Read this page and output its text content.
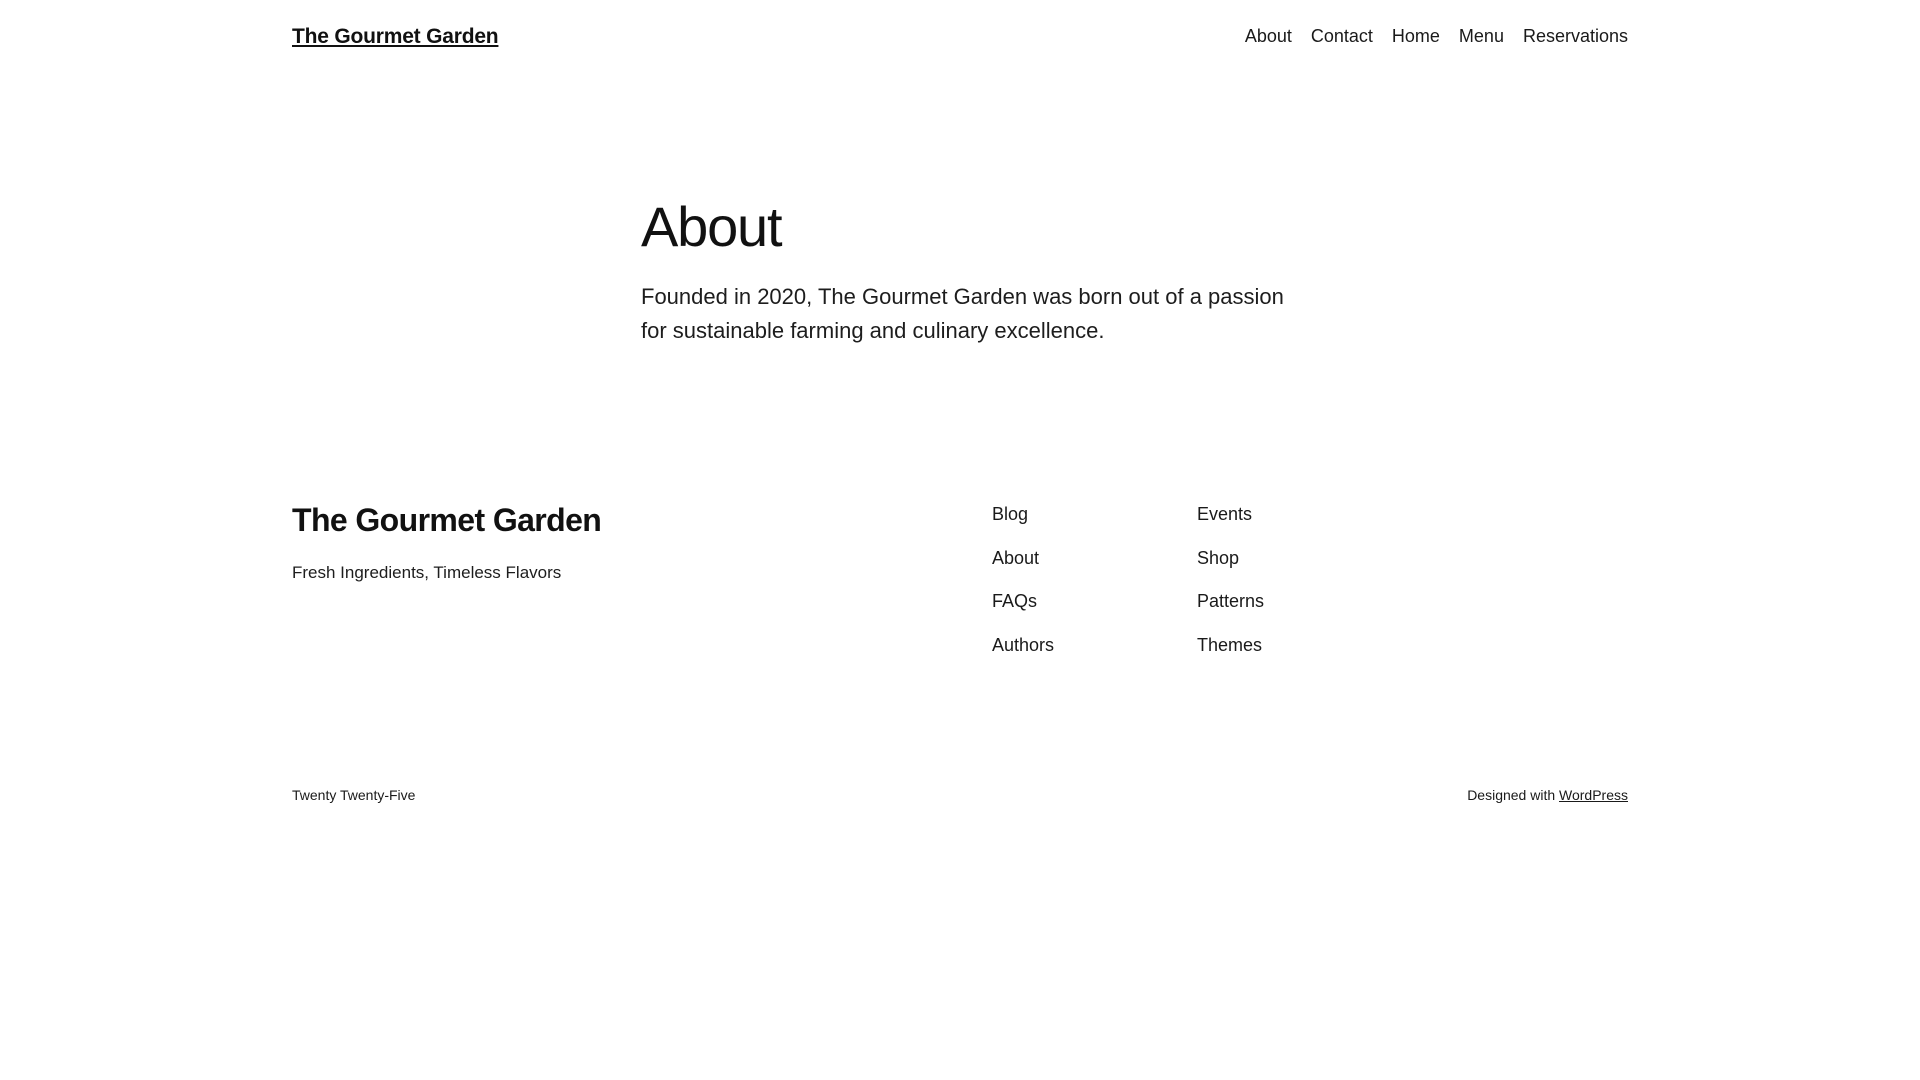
The Gourmet Garden	About Contact Home Menu Reservations
About

Founded in 2020, The Gourmet Garden was born out of a passion for sustainable farming and culinary excellence.

The Gourmet Garden

Fresh Ingredients, Timeless Flavors

Blog
About
FAQs
Authors
Events
Shop
Patterns
Themes
Twenty Twenty-Five	Designed with WordPress
